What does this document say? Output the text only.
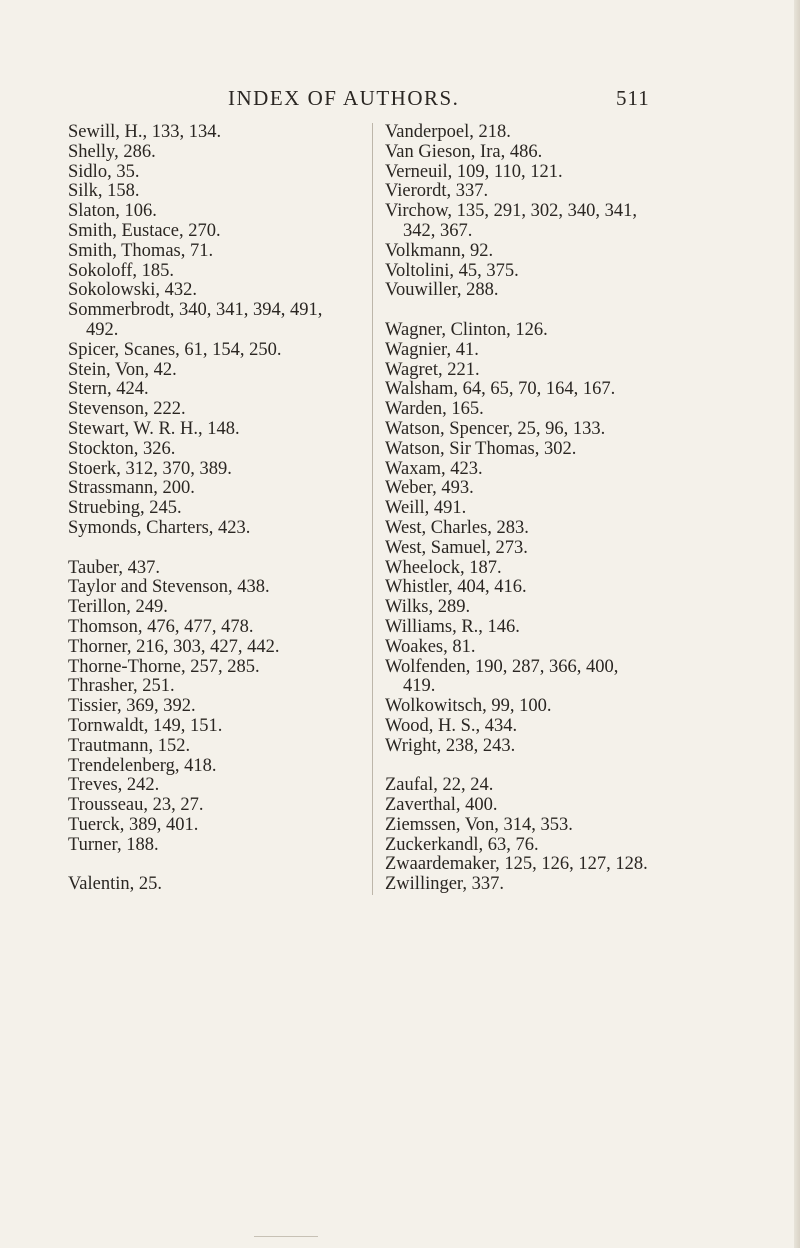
INDEX OF AUTHORS.	511
Sewill, H., 133, 134.
Shelly, 286.
Sidlo, 35.
Silk, 158.
Slaton, 106.
Smith, Eustace, 270.
Smith, Thomas, 71.
Sokoloff, 185.
Sokolowski, 432.
Sommerbrodt, 340, 341, 394, 491,
492.
Spicer, Scanes, 61, 154, 250.
Stein, Von, 42.
Stern, 424.
Stevenson, 222.
Stewart, W. R. H., 148.
Stockton, 326.
Stoerk, 312, 370, 389.
Strassmann, 200.
Struebing, 245.
Symonds, Charters, 423.
Tauber, 437.
Taylor and Stevenson, 438.
Terillon, 249.
Thomson, 476, 477, 478.
Thorner, 216, 303, 427, 442.
Thorne-Thorne, 257, 285.
Thrasher, 251.
Tissier, 369, 392.
Tornwaldt, 149, 151.
Trautmann, 152.
Trendelenberg, 418.
Treves, 242.
Trousseau, 23, 27.
Tuerck, 389, 401.
Turner, 188.
Valentin, 25.
Vanderpoel, 218.
Van Gieson, Ira, 486.
Verneuil, 109, 110, 121.
Vierordt, 337.
Virchow, 135, 291, 302, 340, 341,
342, 367.
Volkmann, 92.
Voltolini, 45, 375.
Vouwiller, 288.
Wagner, Clinton, 126.
Wagnier, 41.
Wagret, 221.
Walsham, 64, 65, 70, 164, 167.
Warden, 165.
Watson, Spencer, 25, 96, 133.
Watson, Sir Thomas, 302.
Waxam, 423.
Weber, 493.
Weill, 491.
West, Charles, 283.
West, Samuel, 273.
Wheelock, 187.
Whistler, 404, 416.
Wilks, 289.
Williams, R., 146.
Woakes, 81.
Wolfenden, 190, 287, 366, 400,
419.
Wolkowitsch, 99, 100.
Wood, H. S., 434.
Wright, 238, 243.
Zaufal, 22, 24.
Zaverthal, 400.
Ziemssen, Von, 314, 353.
Zuckerkandl, 63, 76.
Zwaardemaker, 125, 126, 127, 128.
Zwillinger, 337.
